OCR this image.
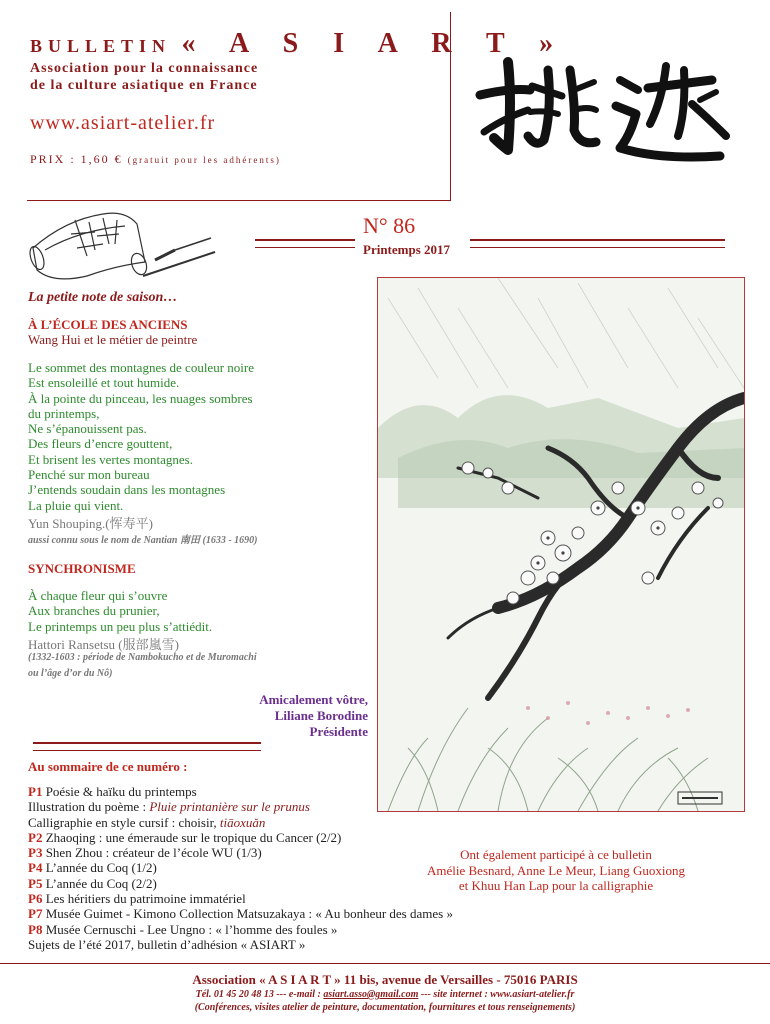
BULLETIN « A S I A R T »
Association pour la connaissance
de la culture asiatique en France
www.asiart-atelier.fr
PRIX : 1,60 € (gratuit pour les adhérents)
N° 86
Printemps 2017
La petite note de saison…
À L’ÉCOLE DES ANCIENS
Wang Hui et le métier de peintre
Le sommet des montagnes de couleur noire
Est ensoleillé et tout humide.
À la pointe du pinceau, les nuages sombres
du printemps,
Ne s’épanouissent pas.
Des fleurs d’encre gouttent,
Et brisent les vertes montagnes.
Penché sur mon bureau
J’entends soudain dans les montagnes
La pluie qui vient.
Yun Shouping.(恽寿平)
aussi connu sous le nom de Nantian 南田 (1633 - 1690)
SYNCHRONISME
À chaque fleur qui s’ouvre
Aux branches du prunier,
Le printemps un peu plus s’attiédit.
Hattori Ransetsu (服部嵐雪)
(1332-1603 : période de Nambokucho et de Muromachi
ou l’âge d’or du Nô)
Amicalement vôtre,
Liliane Borodine
Présidente
Au sommaire de ce numéro :
P1 Poésie & haïku du printemps
Illustration du poème : Pluie printanière sur le prunus
Calligraphie en style cursif : choisir, tiāoxuǎn
P2 Zhaoqing : une émeraude sur le tropique du Cancer (2/2)
P3 Shen Zhou : créateur de l’école WU (1/3)
P4 L’année du Coq (1/2)
P5 L’année du Coq (2/2)
P6 Les héritiers du patrimoine immatériel
P7 Musée Guimet - Kimono Collection Matsuzakaya : « Au bonheur des dames »
P8 Musée Cernuschi - Lee Ungno : « l’homme des foules »
Sujets de l’été 2017, bulletin d’adhésion « ASIART »
Ont également participé à ce bulletin
Amélie Besnard, Anne Le Meur, Liang Guoxiong
et Khuu Han Lap pour la calligraphie
Association « A S I A R T » 11 bis, avenue de Versailles - 75016 PARIS
Tél. 01 45 20 48 13 --- e-mail : asiart.asso@gmail.com --- site internet : www.asiart-atelier.fr
(Conférences, visites atelier de peinture, documentation, fournitures et tous renseignements)
